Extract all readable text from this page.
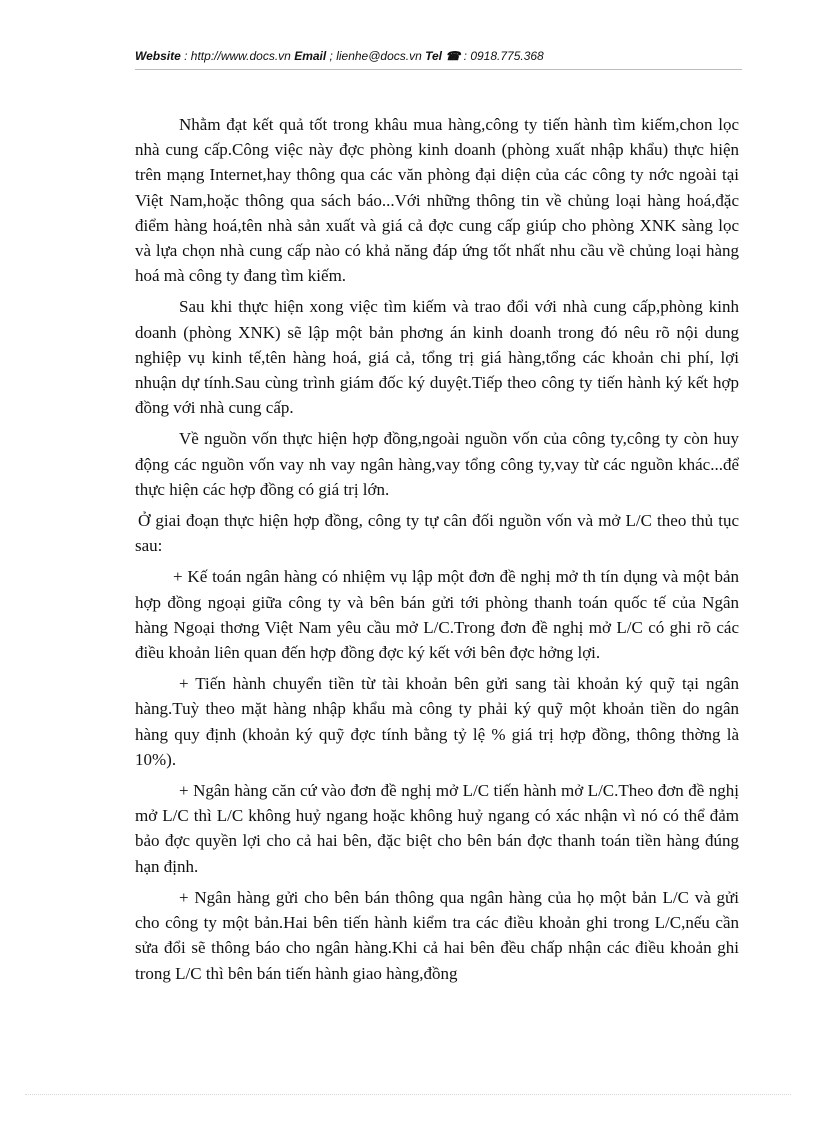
Website : http://www.docs.vn Email ; lienhe@docs.vn Tel ☎ : 0918.775.368

Nhằm đạt kết quả tốt trong khâu mua hàng,công ty tiến hành tìm kiếm,chon lọc nhà cung cấp.Công việc này đợc phòng kinh doanh (phòng xuất nhập khẩu) thực hiện trên mạng Internet,hay thông qua các văn phòng đại diện của các công ty nớc ngoài tại Việt Nam,hoặc thông qua sách báo...Với những thông tin về chủng loại hàng hoá,đặc điểm hàng hoá,tên nhà sản xuất và giá cả đợc cung cấp giúp cho phòng XNK sàng lọc và lựa chọn nhà cung cấp nào có khả năng đáp ứng tốt nhất nhu cầu về chủng loại hàng hoá mà công ty đang tìm kiếm.

Sau khi thực hiện xong việc tìm kiếm và trao đổi với nhà cung cấp,phòng kinh doanh (phòng XNK) sẽ lập một bản phơng án kinh doanh trong đó nêu rõ nội dung nghiệp vụ kinh tế,tên hàng hoá, giá cả, tổng trị giá hàng,tổng các khoản chi phí, lợi nhuận dự tính.Sau cùng trình giám đốc ký duyệt.Tiếp theo công ty tiến hành ký kết hợp đồng với nhà cung cấp.

Về nguồn vốn thực hiện hợp đồng,ngoài nguồn vốn của công ty,công ty còn huy động các nguồn vốn vay nh vay ngân hàng,vay tổng công ty,vay từ các nguồn khác...để thực hiện các hợp đồng có giá trị lớn.

Ở giai đoạn thực hiện hợp đồng, công ty tự cân đối nguồn vốn và mở L/C theo thủ tục sau:

+ Kế toán ngân hàng có nhiệm vụ lập một đơn đề nghị mở th tín dụng và một bản hợp đồng ngoại giữa công ty và bên bán gửi tới phòng thanh toán quốc tế của Ngân hàng Ngoại thơng Việt Nam yêu cầu mở L/C.Trong đơn đề nghị mở L/C có ghi rõ các điều khoản liên quan đến hợp đồng đợc ký kết với bên đợc hởng lợi.

+ Tiến hành chuyển tiền từ tài khoản bên gửi sang tài khoản ký quỹ tại ngân hàng.Tuỳ theo mặt hàng nhập khẩu mà công ty phải ký quỹ một khoản tiền do ngân hàng quy định (khoản ký quỹ đợc tính bằng tỷ lệ % giá trị hợp đồng, thông thờng là 10%).

+ Ngân hàng căn cứ vào đơn đề nghị mở L/C tiến hành mở L/C.Theo đơn đề nghị mở L/C thì L/C không huỷ ngang hoặc không huỷ ngang có xác nhận vì nó có thể đảm bảo đợc quyền lợi cho cả hai bên, đặc biệt cho bên bán đợc thanh toán tiền hàng đúng hạn định.

+ Ngân hàng gửi cho bên bán thông qua ngân hàng của họ một bản L/C và gửi cho công ty một bản.Hai bên tiến hành kiểm tra các điều khoản ghi trong L/C,nếu cần sửa đổi sẽ thông báo cho ngân hàng.Khi cả hai bên đều chấp nhận các điều khoản ghi trong L/C thì bên bán tiến hành giao hàng,đồng
